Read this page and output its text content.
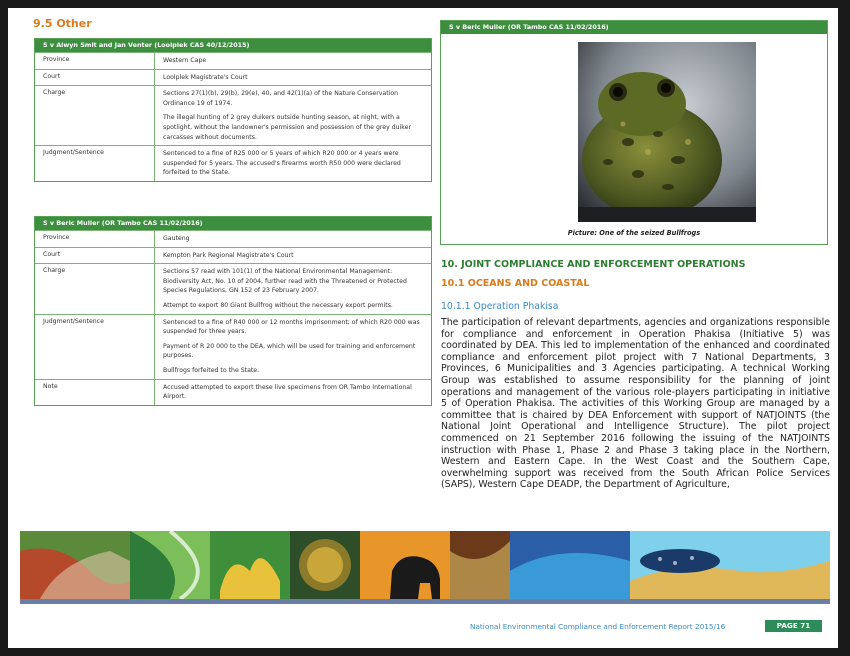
9.5 Other
S v Alwyn Smit and Jan Venter (Loolplek CAS 40/12/2015)
Province	Western Cape

Court	Loolplek Magistrate's Court

Charge	Sections 27(1)(b), 29(b), 29(e), 40, and 42(1)(a) of the Nature Conservation Ordinance 19 of 1974.

The illegal hunting of 2 grey duikers outside hunting season, at night, with a spotlight, without the landowner's permission and possession of the grey duiker carcasses without documents.

Judgment/Sentence	Sentenced to a fine of R25 000 or 5 years of which R20 000 or 4 years were suspended for 5 years. The accused's firearms worth R50 000 were declared forfeited to the State.

S v Beric Muller (OR Tambo CAS 11/02/2016)
Province	Gauteng

Court	Kempton Park Regional Magistrate's Court

Charge	Sections 57 read with 101(1) of the National Environmental Management: Biodiversity Act, No. 10 of 2004, further read with the Threatened or Protected Species Regulations, GN 152 of 23 February 2007.

Attempt to export 80 Giant Bullfrog without the necessary export permits.

Judgment/Sentence	Sentenced to a fine of R40 000 or 12 months imprisonment; of which R20 000 was suspended for three years.

Payment of R 20 000 to the DEA, which will be used for training and enforcement purposes.

Bullfrogs forfeited to the State.

Note	Accused attempted to export these live specimens from OR Tambo International Airport.

S v Beric Muller (OR Tambo CAS 11/02/2016)
Picture: One of the seized Bullfrogs
10. JOINT COMPLIANCE AND ENFORCEMENT OPERATIONS
10.1 OCEANS AND COASTAL
10.1.1 Operation Phakisa
The participation of relevant departments, agencies and organizations responsible for compliance and enforcement in Operation Phakisa (Initiative 5) was coordinated by DEA. This led to implementation of the enhanced and coordinated compliance and enforcement pilot project with 7 National Departments, 3 Provinces, 6 Municipalities and 3 Agencies participating. A technical Working Group was established to assume responsibility for the planning of joint operations and management of the various role-players participating in initiative 5 of Operation Phakisa. The activities of this Working Group are managed by a committee that is chaired by DEA Enforcement with support of NATJOINTS (the National Joint Operational and Intelligence Structure). The pilot project commenced on 21 September 2016 following the issuing of the NATJOINTS instruction with Phase 1, Phase 2 and Phase 3 taking place in the Northern, Western and Eastern Cape. In the West Coast and the Southern Cape, overwhelming support was received from the South African Police Services (SAPS), Western Cape DEADP, the Department of Agriculture,
National Environmental Compliance and Enforcement Report 2015/16	PAGE 71
